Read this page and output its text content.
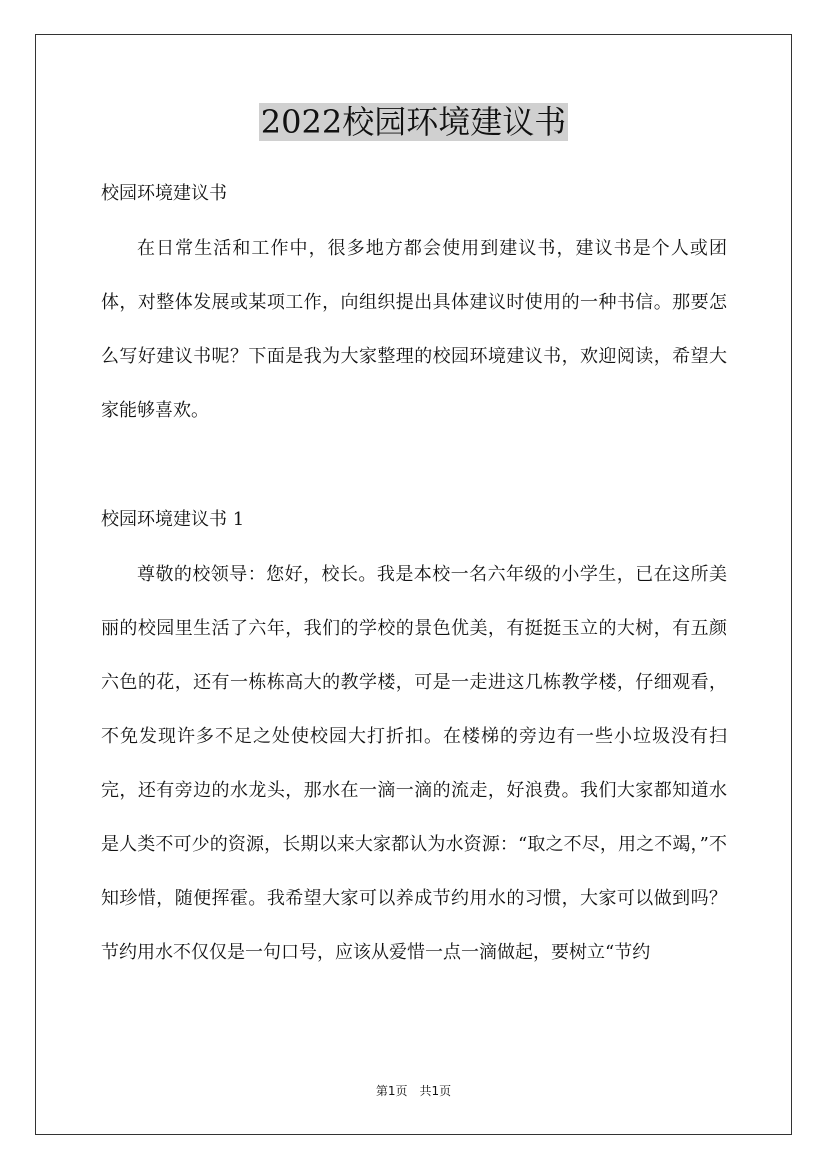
2022校园环境建议书
校园环境建议书

在日常生活和工作中，很多地方都会使用到建议书，建议书是个人或团体，对整体发展或某项工作，向组织提出具体建议时使用的一种书信。那要怎么写好建议书呢？下面是我为大家整理的校园环境建议书，欢迎阅读，希望大家能够喜欢。

校园环境建议书 1

尊敬的校领导：您好，校长。我是本校一名六年级的小学生，已在这所美丽的校园里生活了六年，我们的学校的景色优美，有挺挺玉立的大树，有五颜六色的花，还有一栋栋高大的教学楼，可是一走进这几栋教学楼，仔细观看，不免发现许多不足之处使校园大打折扣。在楼梯的旁边有一些小垃圾没有扫完，还有旁边的水龙头，那水在一滴一滴的流走，好浪费。我们大家都知道水是人类不可少的资源，长期以来大家都认为水资源：“取之不尽，用之不竭，”不知珍惜，随便挥霍。我希望大家可以养成节约用水的习惯，大家可以做到吗？ 节约用水不仅仅是一句口号，应该从爱惜一点一滴做起，要树立“节约

第1页 共1页
